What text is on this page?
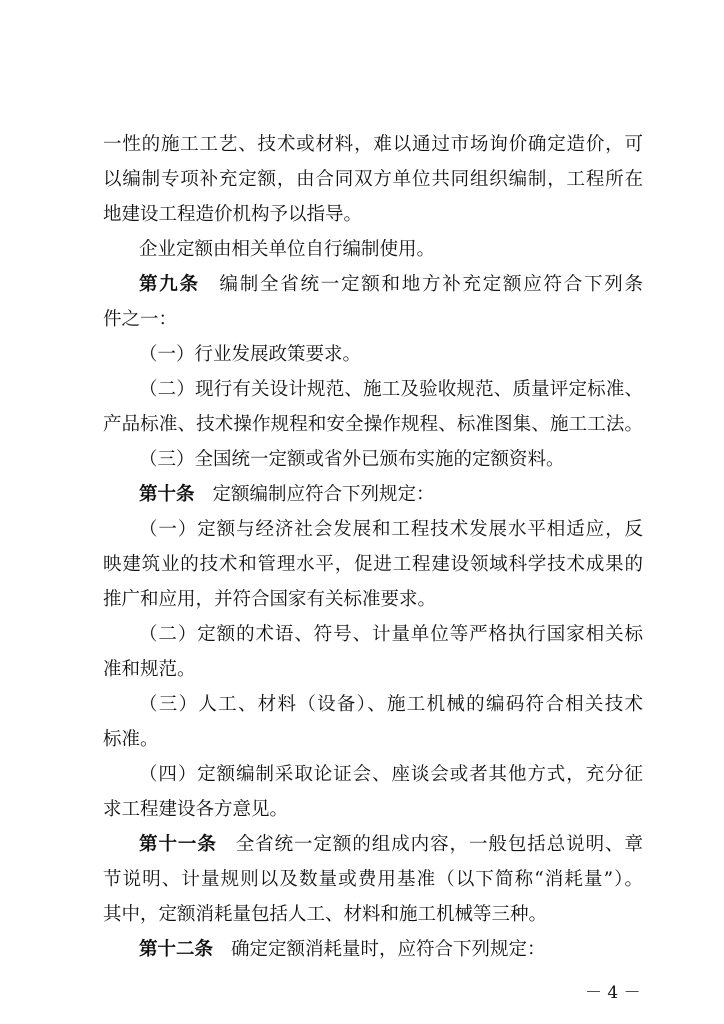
一性的施工工艺、技术或材料，难以通过市场询价确定造价，可
以编制专项补充定额，由合同双方单位共同组织编制，工程所在
地建设工程造价机构予以指导。
企业定额由相关单位自行编制使用。
第九条 编制全省统一定额和地方补充定额应符合下列条
件之一：
（一）行业发展政策要求。
（二）现行有关设计规范、施工及验收规范、质量评定标准、
产品标准、技术操作规程和安全操作规程、标准图集、施工工法。
（三）全国统一定额或省外已颁布实施的定额资料。
第十条 定额编制应符合下列规定：
（一）定额与经济社会发展和工程技术发展水平相适应，反
映建筑业的技术和管理水平，促进工程建设领域科学技术成果的
推广和应用，并符合国家有关标准要求。
（二）定额的术语、符号、计量单位等严格执行国家相关标
准和规范。
（三）人工、材料（设备）、施工机械的编码符合相关技术
标准。
（四）定额编制采取论证会、座谈会或者其他方式，充分征
求工程建设各方意见。
第十一条 全省统一定额的组成内容，一般包括总说明、章
节说明、计量规则以及数量或费用基准（以下简称“消耗量”）。
其中，定额消耗量包括人工、材料和施工机械等三种。
第十二条 确定定额消耗量时，应符合下列规定：
－ 4 －
